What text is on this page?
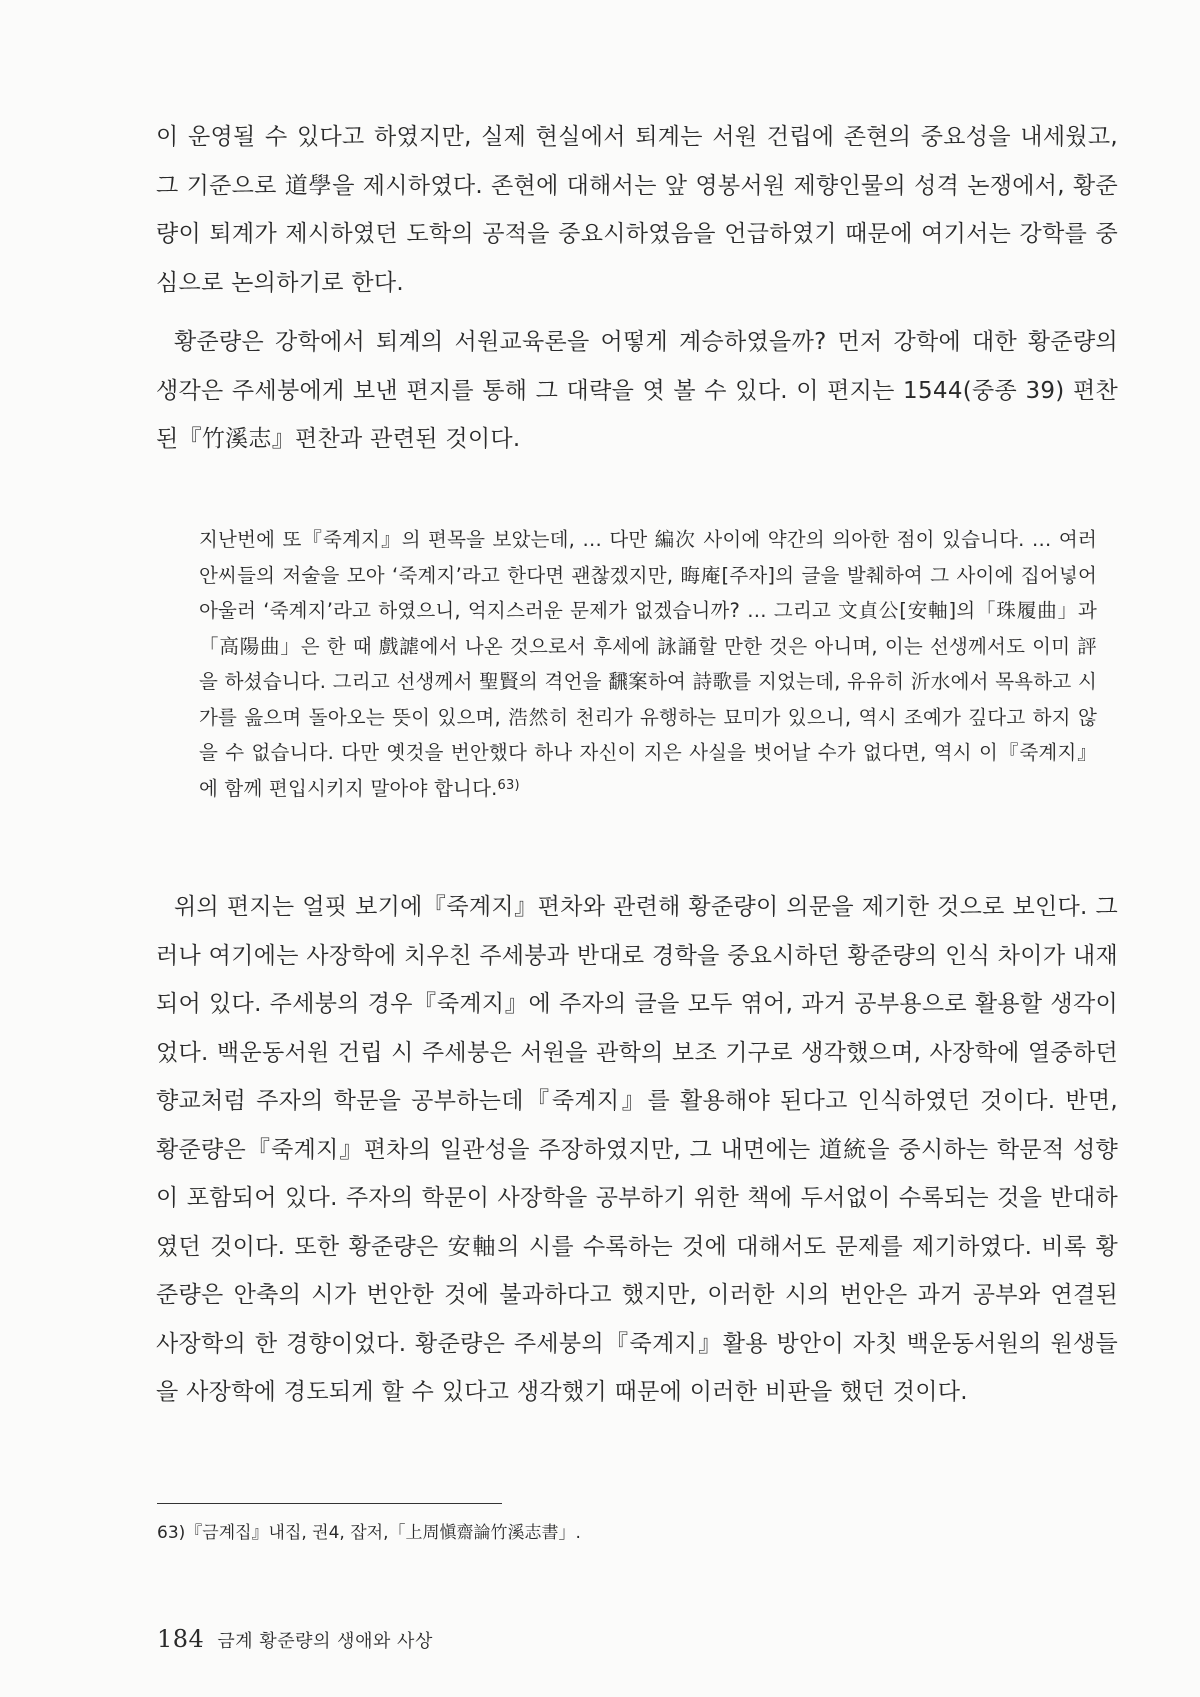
이 운영될 수 있다고 하였지만, 실제 현실에서 퇴계는 서원 건립에 존현의 중요성을 내세웠고, 그 기준으로 道學을 제시하였다. 존현에 대해서는 앞 영봉서원 제향인물의 성격 논쟁에서, 황준량이 퇴계가 제시하였던 도학의 공적을 중요시하였음을 언급하였기 때문에 여기서는 강학를 중심으로 논의하기로 한다.

황준량은 강학에서 퇴계의 서원교육론을 어떻게 계승하였을까? 먼저 강학에 대한 황준량의 생각은 주세붕에게 보낸 편지를 통해 그 대략을 엿 볼 수 있다. 이 편지는 1544(중종 39) 편찬된『竹溪志』편찬과 관련된 것이다.

지난번에 또『죽계지』의 편목을 보았는데, … 다만 編次 사이에 약간의 의아한 점이 있습니다. … 여러 안씨들의 저술을 모아 ‘죽계지’라고 한다면 괜찮겠지만, 晦庵[주자]의 글을 발췌하여 그 사이에 집어넣어 아울러 ‘죽계지’라고 하였으니, 억지스러운 문제가 없겠습니까? … 그리고 文貞公[安軸]의「珠履曲」과「高陽曲」은 한 때 戲謔에서 나온 것으로서 후세에 詠誦할 만한 것은 아니며, 이는 선생께서도 이미 評을 하셨습니다. 그리고 선생께서 聖賢의 격언을 飜案하여 詩歌를 지었는데, 유유히 沂水에서 목욕하고 시가를 읊으며 돌아오는 뜻이 있으며, 浩然히 천리가 유행하는 묘미가 있으니, 역시 조예가 깊다고 하지 않을 수 없습니다. 다만 옛것을 번안했다 하나 자신이 지은 사실을 벗어날 수가 없다면, 역시 이『죽계지』에 함께 편입시키지 말아야 합니다.$^{63)}$

위의 편지는 얼핏 보기에『죽계지』편차와 관련해 황준량이 의문을 제기한 것으로 보인다. 그러나 여기에는 사장학에 치우친 주세붕과 반대로 경학을 중요시하던 황준량의 인식 차이가 내재되어 있다. 주세붕의 경우『죽계지』에 주자의 글을 모두 엮어, 과거 공부용으로 활용할 생각이었다. 백운동서원 건립 시 주세붕은 서원을 관학의 보조 기구로 생각했으며, 사장학에 열중하던 향교처럼 주자의 학문을 공부하는데『죽계지』를 활용해야 된다고 인식하였던 것이다. 반면, 황준량은『죽계지』편차의 일관성을 주장하였지만, 그 내면에는 道統을 중시하는 학문적 성향이 포함되어 있다. 주자의 학문이 사장학을 공부하기 위한 책에 두서없이 수록되는 것을 반대하였던 것이다. 또한 황준량은 安軸의 시를 수록하는 것에 대해서도 문제를 제기하였다. 비록 황준량은 안축의 시가 번안한 것에 불과하다고 했지만, 이러한 시의 번안은 과거 공부와 연결된 사장학의 한 경향이었다. 황준량은 주세붕의『죽계지』활용 방안이 자칫 백운동서원의 원생들을 사장학에 경도되게 할 수 있다고 생각했기 때문에 이러한 비판을 했던 것이다.

63)『금계집』내집, 권4, 잡저,「上周愼齋論竹溪志書」.

184 금계 황준량의 생애와 사상
